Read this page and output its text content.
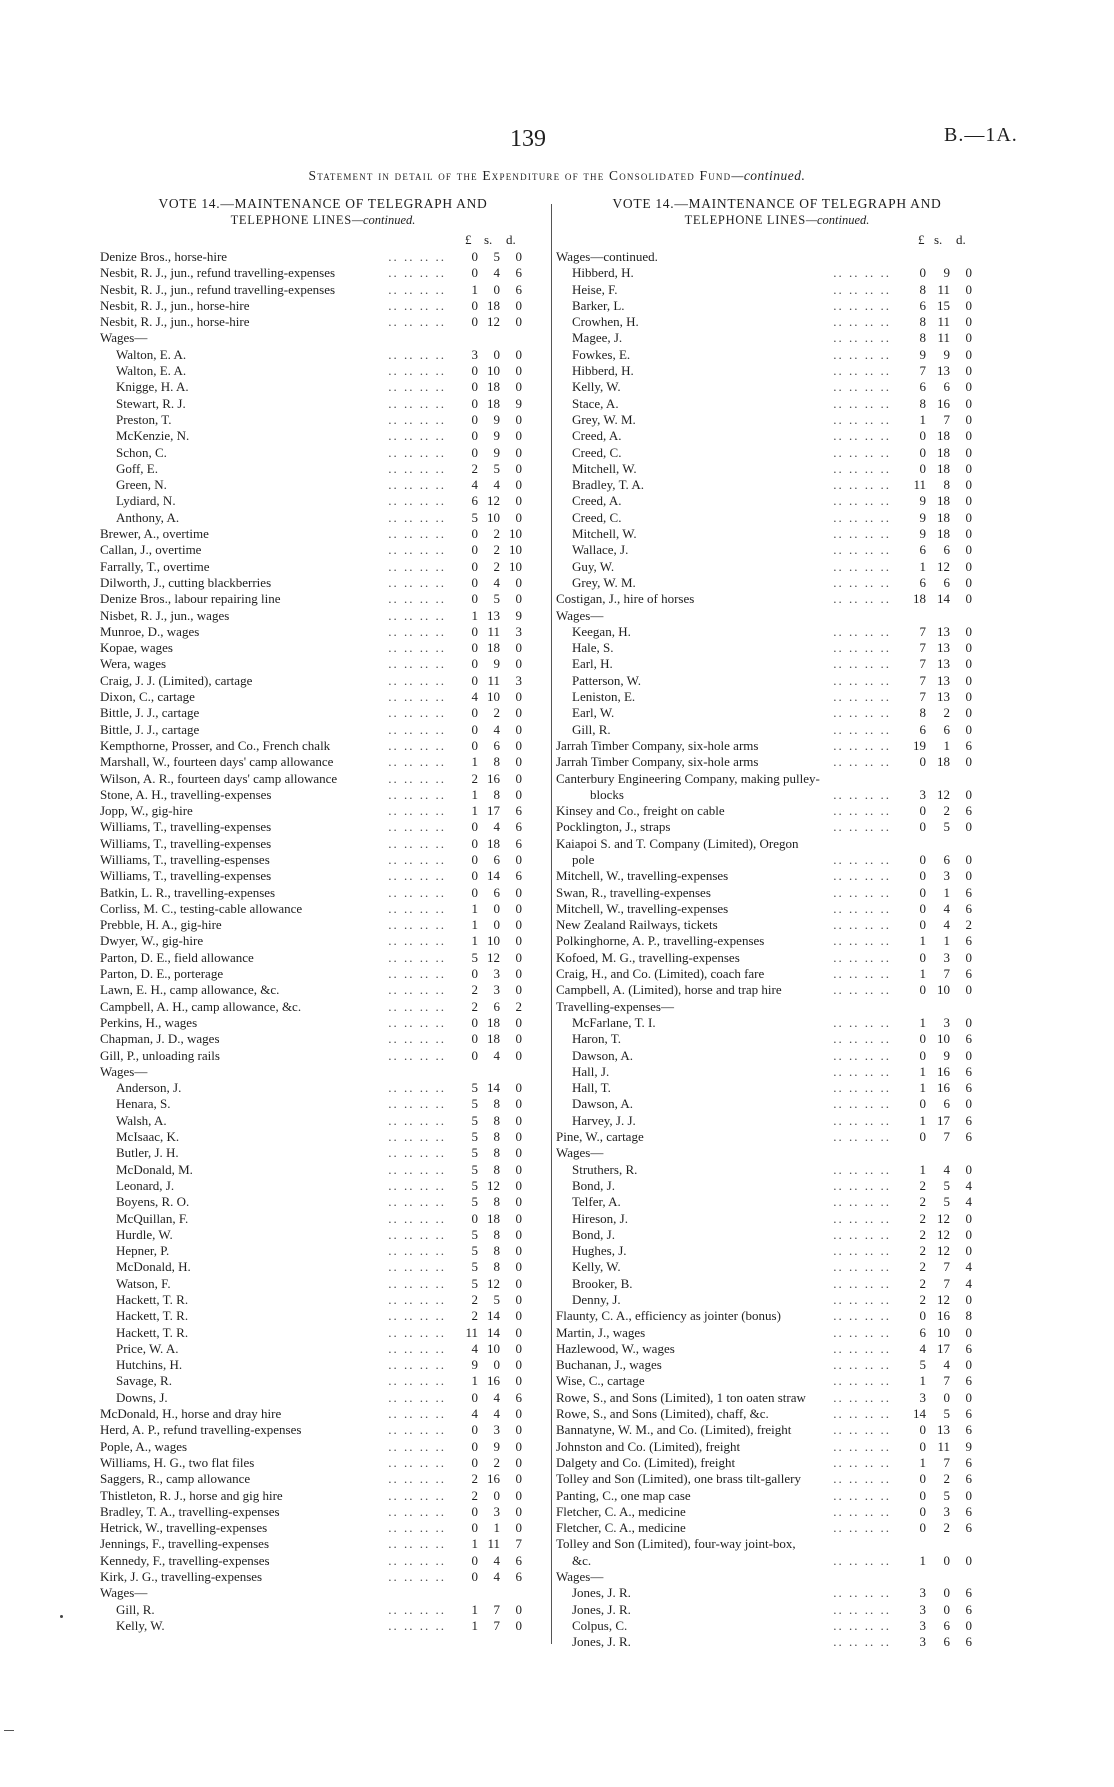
139	B.—1A.
Statement in detail of the Expenditure of the Consolidated Fund—continued.
VOTE 14.—MAINTENANCE OF TELEGRAPH AND
TELEPHONE LINES—continued.
£ s. d.
.. .. .. ..
Denize Bros., horse-hire	0	5	0
.. .. .. ..
Nesbit, R. J., jun., refund travelling-expenses	0	4	6
.. .. .. ..
Nesbit, R. J., jun., refund travelling-expenses	1	0	6
.. .. .. ..
Nesbit, R. J., jun., horse-hire	0 18	0
.. .. .. ..
Nesbit, R. J., jun., horse-hire	0 12	0
Wages—
.. .. .. ..
Walton, E. A.	3	0	0
.. .. .. ..
Walton, E. A.	0 10	0
.. .. .. ..
Knigge, H. A.	0 18	0
.. .. .. ..
Stewart, R. J.	0 18	9
.. .. .. ..
Preston, T.	0	9	0
.. .. .. ..
McKenzie, N.	0	9	0
.. .. .. ..
Schon, C.	0	9	0
.. .. .. ..
Goff, E.	2	5	0
.. .. .. ..
Green, N.	4	4	0
.. .. .. ..
Lydiard, N.	6 12	0
.. .. .. ..
Anthony, A.	5 10	0
.. .. .. ..
Brewer, A., overtime	0	2 10
.. .. .. ..
Callan, J., overtime	0	2 10
.. .. .. ..
Farrally, T., overtime	0	2 10
.. .. .. ..
Dilworth, J., cutting blackberries	0	4	0
.. .. .. ..
Denize Bros., labour repairing line	0	5	0
.. .. .. ..
Nisbet, R. J., jun., wages	1 13	9
.. .. .. ..
Munroe, D., wages	0 11	3
.. .. .. ..
Kopae, wages	0 18	0
.. .. .. ..
Wera, wages	0	9	0
.. .. .. ..
Craig, J. J. (Limited), cartage	0 11	3
.. .. .. ..
Dixon, C., cartage	4 10	0
.. .. .. ..
Bittle, J. J., cartage	0	2	0
.. .. .. ..
Bittle, J. J., cartage	0	4	0
.. .. .. ..
Kempthorne, Prosser, and Co., French chalk	0	6	0
.. .. .. ..
Marshall, W., fourteen days' camp allowance	1	8	0
.. .. .. ..
Wilson, A. R., fourteen days' camp allowance	2 16	0
.. .. .. ..
Stone, A. H., travelling-expenses	1	8	0
.. .. .. ..
Jopp, W., gig-hire	1 17	6
.. .. .. ..
Williams, T., travelling-expenses	0	4	6
.. .. .. ..
Williams, T., travelling-expenses	0 18	6
.. .. .. ..
Williams, T., travelling-espenses	0	6	0
.. .. .. ..
Williams, T., travelling-expenses	0 14	6
.. .. .. ..
Batkin, L. R., travelling-expenses	0	6	0
.. .. .. ..
Corliss, M. C., testing-cable allowance	1	0	0
.. .. .. ..
Prebble, H. A., gig-hire	1	0	0
.. .. .. ..
Dwyer, W., gig-hire	1 10	0
.. .. .. ..
Parton, D. E., field allowance	5 12	0
.. .. .. ..
Parton, D. E., porterage	0	3	0
.. .. .. ..
Lawn, E. H., camp allowance, &c.	2	3	0
.. .. .. ..
Campbell, A. H., camp allowance, &c.	2	6	2
.. .. .. ..
Perkins, H., wages	0 18	0
.. .. .. ..
Chapman, J. D., wages	0 18	0
.. .. .. ..
Gill, P., unloading rails	0	4	0
Wages—
.. .. .. ..
Anderson, J.	5 14	0
.. .. .. ..
Henara, S.	5	8	0
.. .. .. ..
Walsh, A.	5	8	0
.. .. .. ..
McIsaac, K.	5	8	0
.. .. .. ..
Butler, J. H.	5	8	0
.. .. .. ..
McDonald, M.	5	8	0
.. .. .. ..
Leonard, J.	5 12	0
.. .. .. ..
Boyens, R. O.	5	8	0
.. .. .. ..
McQuillan, F.	0 18	0
.. .. .. ..
Hurdle, W.	5	8	0
.. .. .. ..
Hepner, P.	5	8	0
.. .. .. ..
McDonald, H.	5	8	0
.. .. .. ..
Watson, F.	5 12	0
.. .. .. ..
Hackett, T. R.	2	5	0
.. .. .. ..
Hackett, T. R.	2 14	0
.. .. .. ..
Hackett, T. R.	11 14	0
.. .. .. ..
Price, W. A.	4 10	0
.. .. .. ..
Hutchins, H.	9	0	0
.. .. .. ..
Savage, R.	1 16	0
.. .. .. ..
Downs, J.	0	4	6
.. .. .. ..
McDonald, H., horse and dray hire	4	4	0
.. .. .. ..
Herd, A. P., refund travelling-expenses	0	3	0
.. .. .. ..
Pople, A., wages	0	9	0
.. .. .. ..
Williams, H. G., two flat files	0	2	0
.. .. .. ..
Saggers, R., camp allowance	2 16	0
.. .. .. ..
Thistleton, R. J., horse and gig hire	2	0	0
.. .. .. ..
Bradley, T. A., travelling-expenses	0	3	0
.. .. .. ..
Hetrick, W., travelling-expenses	0	1	0
.. .. .. ..
Jennings, F., travelling-expenses	1 11	7
.. .. .. ..
Kennedy, F., travelling-expenses	0	4	6
.. .. .. ..
Kirk, J. G., travelling-expenses	0	4	6
Wages—
.. .. .. ..
Gill, R.	1	7	0
.. .. .. ..
Kelly, W.	1	7	0
VOTE 14.—MAINTENANCE OF TELEGRAPH AND
TELEPHONE LINES—continued.
£ s. d.
Wages—continued.
.. .. .. ..
Hibberd, H.	0	9	0
.. .. .. ..
Heise, F.	8 11	0
.. .. .. ..
Barker, L.	6 15	0
.. .. .. ..
Crowhen, H.	8 11	0
.. .. .. ..
Magee, J.	8 11	0
.. .. .. ..
Fowkes, E.	9	9	0
.. .. .. ..
Hibberd, H.	7 13	0
.. .. .. ..
Kelly, W.	6	6	0
.. .. .. ..
Stace, A.	8 16	0
.. .. .. ..
Grey, W. M.	1	7	0
.. .. .. ..
Creed, A.	0 18	0
.. .. .. ..
Creed, C.	0 18	0
.. .. .. ..
Mitchell, W.	0 18	0
.. .. .. ..
Bradley, T. A.	11	8	0
.. .. .. ..
Creed, A.	9 18	0
.. .. .. ..
Creed, C.	9 18	0
.. .. .. ..
Mitchell, W.	9 18	0
.. .. .. ..
Wallace, J.	6	6	0
.. .. .. ..
Guy, W.	1 12	0
.. .. .. ..
Grey, W. M.	6	6	0
.. .. .. ..
Costigan, J., hire of horses	18 14	0
Wages—
.. .. .. ..
Keegan, H.	7 13	0
.. .. .. ..
Hale, S.	7 13	0
.. .. .. ..
Earl, H.	7 13	0
.. .. .. ..
Patterson, W.	7 13	0
.. .. .. ..
Leniston, E.	7 13	0
.. .. .. ..
Earl, W.	8	2	0
.. .. .. ..
Gill, R.	6	6	0
.. .. .. ..
Jarrah Timber Company, six-hole arms	19	1	6
.. .. .. ..
Jarrah Timber Company, six-hole arms	0 18	0
Canterbury Engineering Company, making pulley-
.. .. .. ..
blocks	3 12	0
.. .. .. ..
Kinsey and Co., freight on cable	0	2	6
.. .. .. ..
Pocklington, J., straps	0	5	0
Kaiapoi S. and T. Company (Limited), Oregon
.. .. .. ..
pole	0	6	0
.. .. .. ..
Mitchell, W., travelling-expenses	0	3	0
.. .. .. ..
Swan, R., travelling-expenses	0	1	6
.. .. .. ..
Mitchell, W., travelling-expenses	0	4	6
.. .. .. ..
New Zealand Railways, tickets	0	4	2
.. .. .. ..
Polkinghorne, A. P., travelling-expenses	1	1	6
.. .. .. ..
Kofoed, M. G., travelling-expenses	0	3	0
.. .. .. ..
Craig, H., and Co. (Limited), coach fare	1	7	6
.. .. .. ..
Campbell, A. (Limited), horse and trap hire	0 10	0
Travelling-expenses—
.. .. .. ..
McFarlane, T. I.	1	3	0
.. .. .. ..
Haron, T.	0 10	6
.. .. .. ..
Dawson, A.	0	9	0
.. .. .. ..
Hall, J.	1 16	6
.. .. .. ..
Hall, T.	1 16	6
.. .. .. ..
Dawson, A.	0	6	0
.. .. .. ..
Harvey, J. J.	1 17	6
.. .. .. ..
Pine, W., cartage	0	7	6
Wages—
.. .. .. ..
Struthers, R.	1	4	0
.. .. .. ..
Bond, J.	2	5	4
.. .. .. ..
Telfer, A.	2	5	4
.. .. .. ..
Hireson, J.	2 12	0
.. .. .. ..
Bond, J.	2 12	0
.. .. .. ..
Hughes, J.	2 12	0
.. .. .. ..
Kelly, W.	2	7	4
.. .. .. ..
Brooker, B.	2	7	4
.. .. .. ..
Denny, J.	2 12	0
.. .. .. ..
Flaunty, C. A., efficiency as jointer (bonus)	0 16	8
.. .. .. ..
Martin, J., wages	6 10	0
.. .. .. ..
Hazlewood, W., wages	4 17	6
.. .. .. ..
Buchanan, J., wages	5	4	0
.. .. .. ..
Wise, C., cartage	1	7	6
.. .. .. ..
Rowe, S., and Sons (Limited), 1 ton oaten straw	3	0	0
.. .. .. ..
Rowe, S., and Sons (Limited), chaff, &c.	14	5	6
.. .. .. ..
Bannatyne, W. M., and Co. (Limited), freight	0 13	6
.. .. .. ..
Johnston and Co. (Limited), freight	0 11	9
.. .. .. ..
Dalgety and Co. (Limited), freight	1	7	6
.. .. .. ..
Tolley and Son (Limited), one brass tilt-gallery	0	2	6
.. .. .. ..
Panting, C., one map case	0	5	0
.. .. .. ..
Fletcher, C. A., medicine	0	3	6
.. .. .. ..
Fletcher, C. A., medicine	0	2	6
Tolley and Son (Limited), four-way joint-box,
.. .. .. ..
&c.	1	0	0
Wages—
.. .. .. ..
Jones, J. R.	3	0	6
.. .. .. ..
Jones, J. R.	3	0	6
.. .. .. ..
Colpus, C.	3	6	0
.. .. .. ..
Jones, J. R.	3	6	6
